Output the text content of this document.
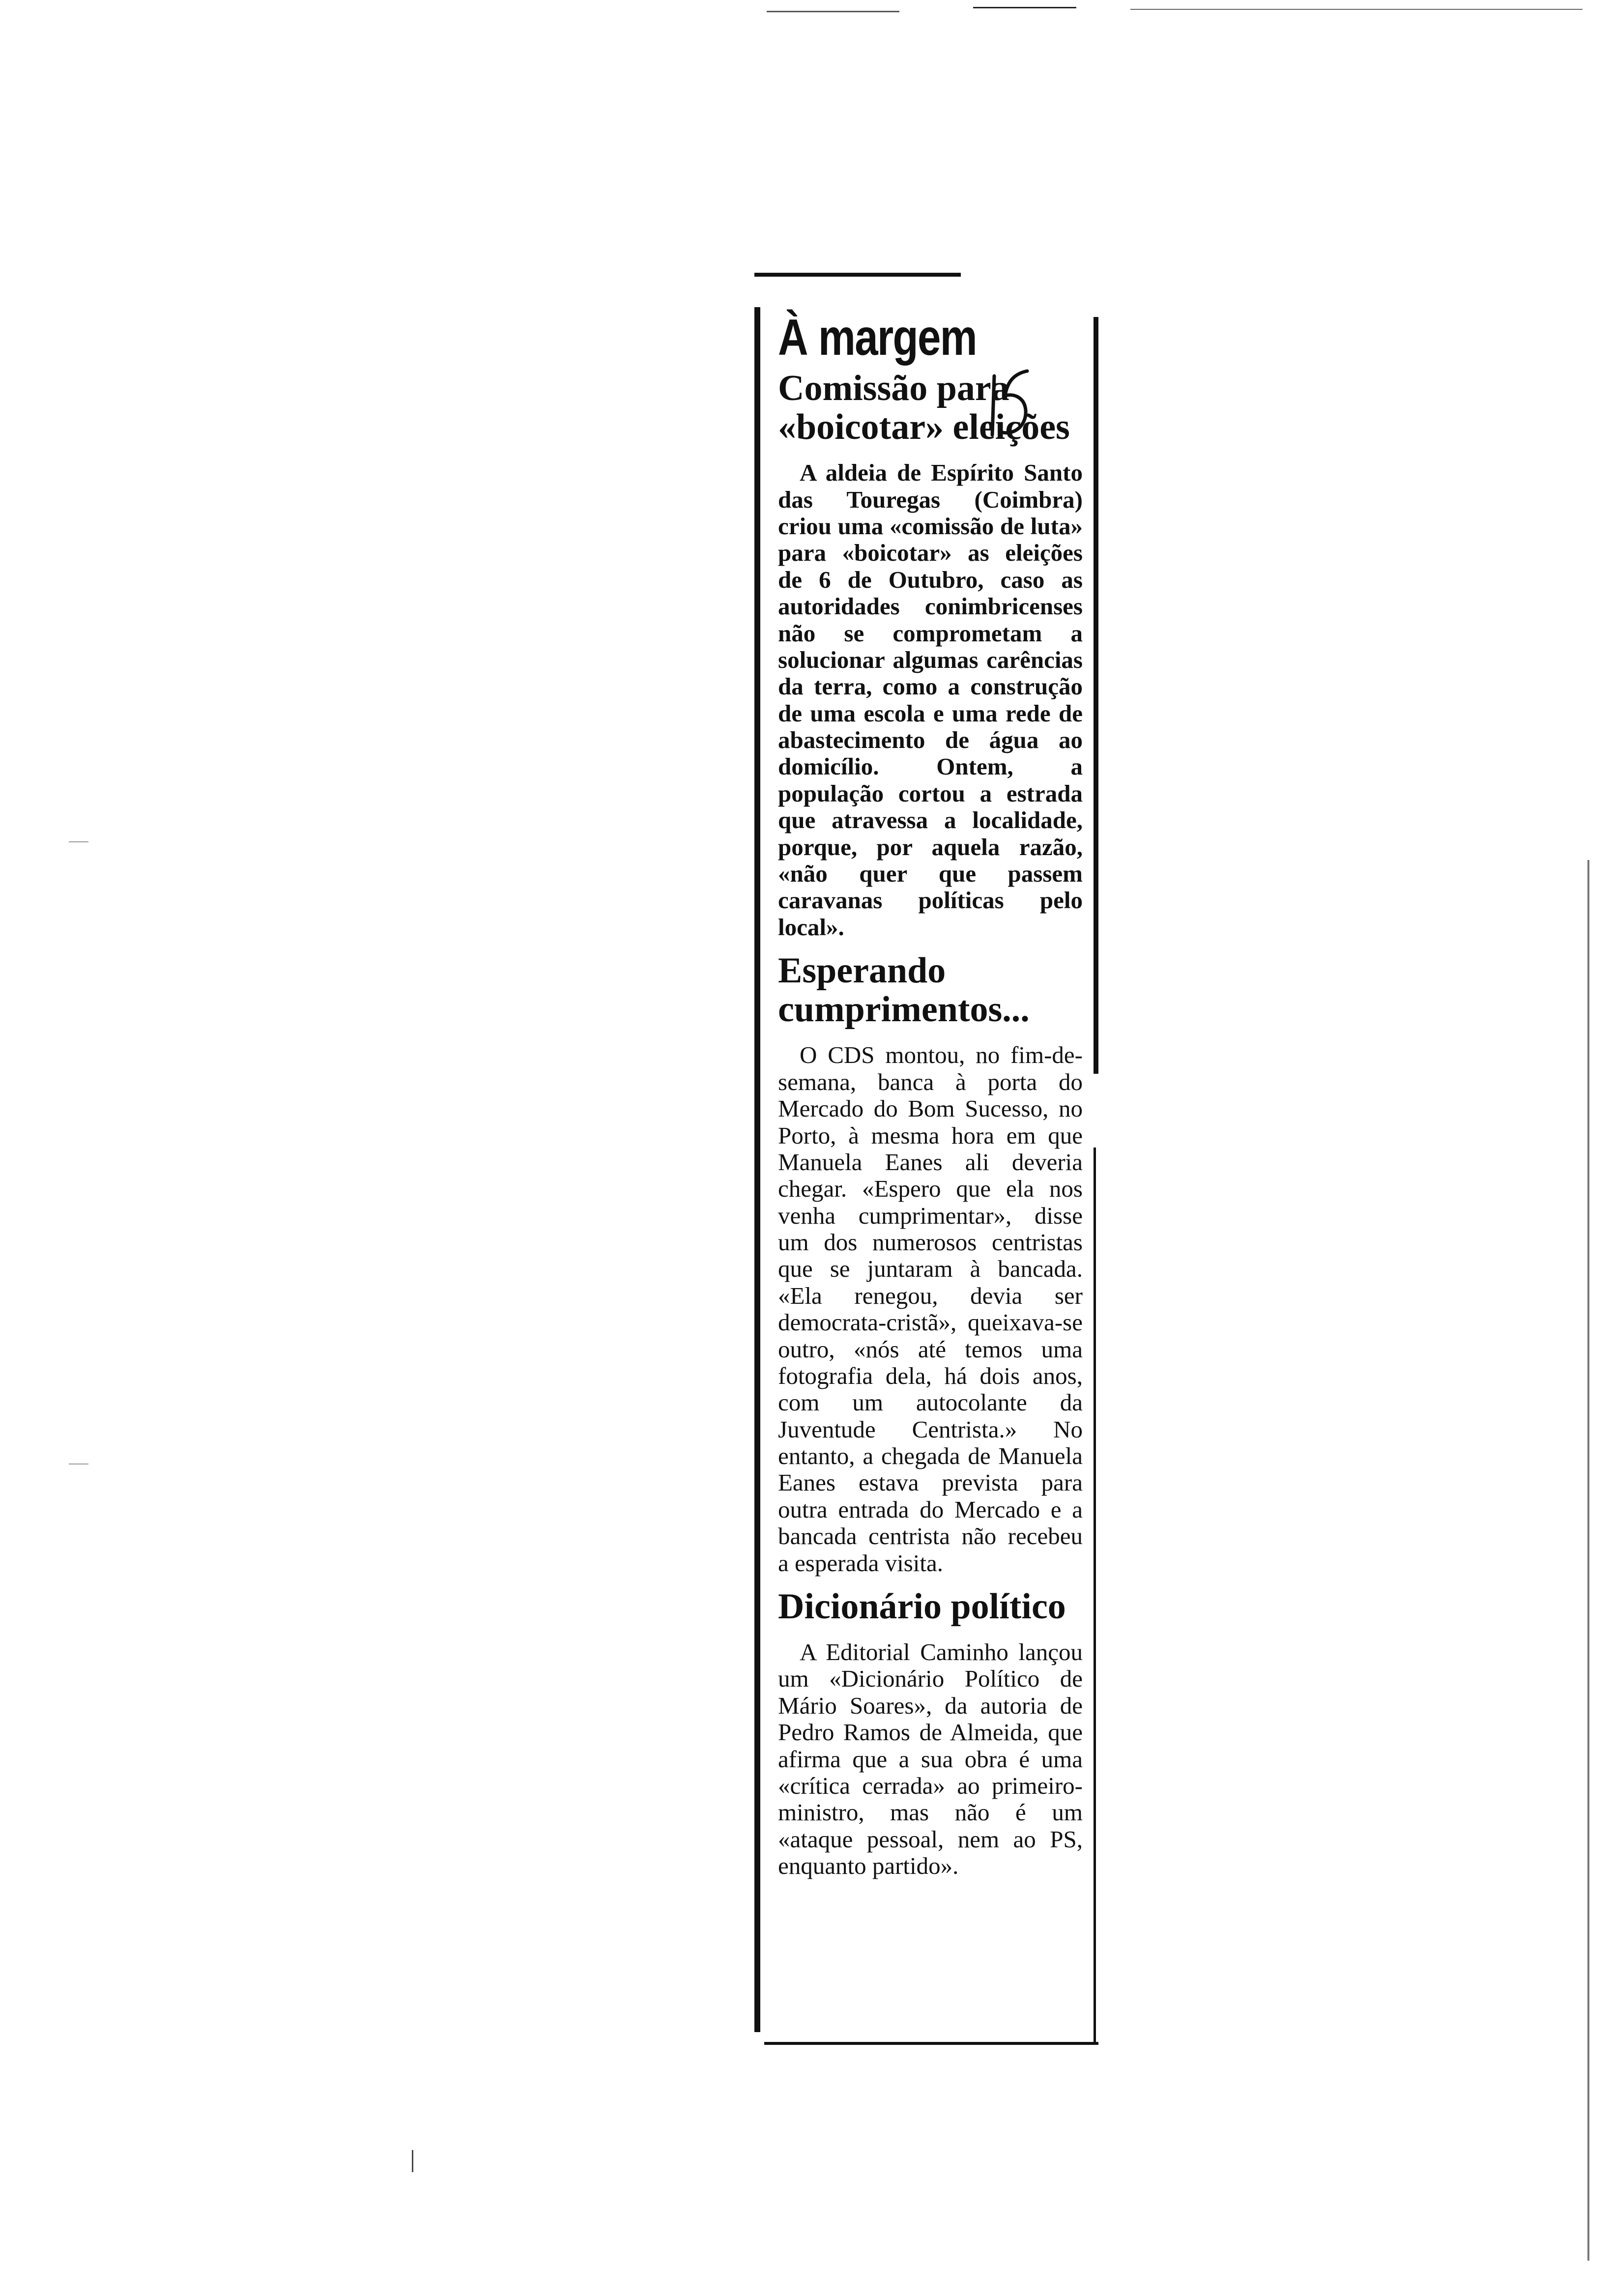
À margem
Comissão para «boicotar» eleições

A aldeia de Espírito Santo das Touregas (Coimbra) criou uma «comissão de luta» para «boicotar» as eleições de 6 de Outubro, caso as autoridades conimbricenses não se comprometam a solucionar algumas carências da terra, como a construção de uma escola e uma rede de abastecimento de água ao domicílio. Ontem, a população cortou a estrada que atravessa a localidade, porque, por aquela razão, «não quer que passem caravanas políticas pelo local».

Esperando cumprimentos...

O CDS montou, no fim-de-semana, banca à porta do Mercado do Bom Sucesso, no Porto, à mesma hora em que Manuela Eanes ali deveria chegar. «Espero que ela nos venha cumprimentar», disse um dos numerosos centristas que se juntaram à bancada. «Ela renegou, devia ser democrata-cristã», queixava-se outro, «nós até temos uma fotografia dela, há dois anos, com um autocolante da Juventude Centrista.» No entanto, a chegada de Manuela Eanes estava prevista para outra entrada do Mercado e a bancada centrista não recebeu a esperada visita.

Dicionário político

A Editorial Caminho lançou um «Dicionário Político de Mário Soares», da autoria de Pedro Ramos de Almeida, que afirma que a sua obra é uma «crítica cerrada» ao primeiro-ministro, mas não é um «ataque pessoal, nem ao PS, enquanto partido».
